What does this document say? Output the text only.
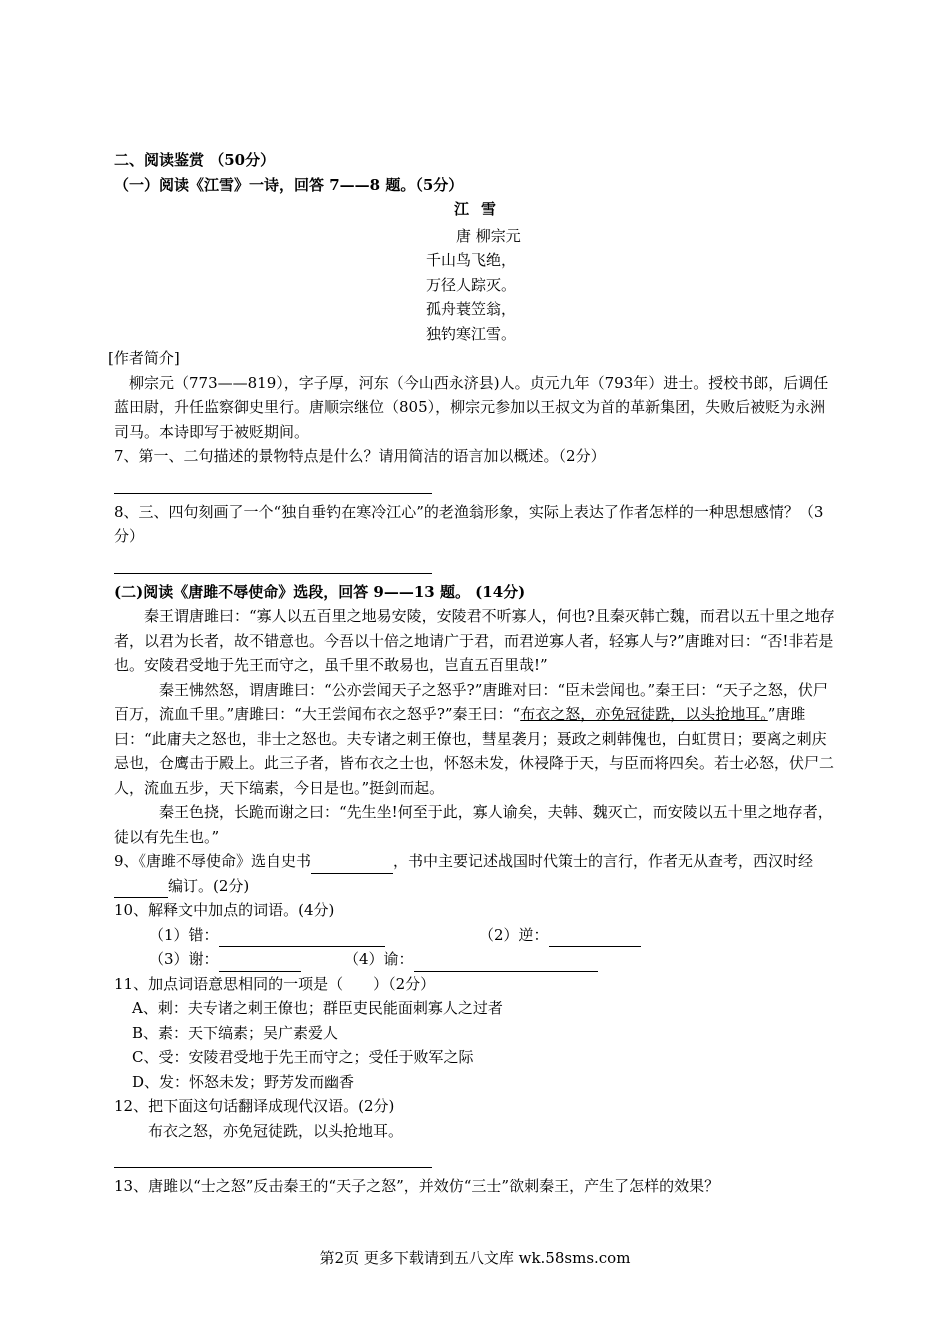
二、阅读鉴赏 （50分）

（一）阅读《江雪》一诗，回答 7——8 题。（5分）

江雪
唐 柳宗元
千山鸟飞绝，
万径人踪灭。
孤舟蓑笠翁，
独钓寒江雪。

[作者简介]

柳宗元（773——819），字子厚，河东（今山西永济县)人。贞元九年（793年）进士。授校书郎，后调任蓝田尉，升任监察御史里行。唐顺宗继位（805），柳宗元参加以王叔文为首的革新集团，失败后被贬为永洲司马。本诗即写于被贬期间。

7、第一、二句描述的景物特点是什么？请用简洁的语言加以概述。（2分）

8、三、四句刻画了一个“独自垂钓在寒冷江心”的老渔翁形象，实际上表达了作者怎样的一种思想感情？（3分）

(二)阅读《唐雎不辱使命》选段，回答 9——13 题。 (14分)

秦王谓唐雎曰：“寡人以五百里之地易安陵，安陵君不听寡人，何也?且秦灭韩亡魏，而君以五十里之地存者，以君为长者，故不错意也。今吾以十倍之地请广于君，而君逆寡人者，轻寡人与?”唐雎对曰：“否!非若是也。安陵君受地于先王而守之，虽千里不敢易也，岂直五百里哉!”

秦王怫然怒，谓唐雎曰：“公亦尝闻天子之怒乎?”唐雎对曰：“臣未尝闻也。”秦王曰：“天子之怒，伏尸百万，流血千里。”唐雎曰：“大王尝闻布衣之怒乎?”秦王曰：“布衣之怒，亦免冠徒跣，以头抢地耳。”唐雎曰：“此庸夫之怒也，非士之怒也。夫专诸之刺王僚也，彗星袭月；聂政之刺韩傀也，白虹贯日；要离之刺庆忌也，仓鹰击于殿上。此三子者，皆布衣之士也，怀怒未发，休祲降于天，与臣而将四矣。若士必怒，伏尸二人，流血五步，天下缟素，今日是也。”挺剑而起。

秦王色挠，长跪而谢之曰：“先生坐!何至于此，寡人谕矣，夫韩、魏灭亡，而安陵以五十里之地存者，徒以有先生也。”

9、《唐雎不辱使命》选自史书	，书中主要记述战国时代策士的言行，作者无从查考，西汉时经编订。(2分)

10、解释文中加点的词语。(4分)

（1）错：	（2）逆：
（3）谢：	（4）谕：

11、加点词语意思相同的一项是（　　）（2分）

A、刺：夫专诸之刺王僚也；群臣吏民能面刺寡人之过者

B、素：天下缟素；吴广素爱人

C、受：安陵君受地于先王而守之；受任于败军之际

D、发：怀怒未发；野芳发而幽香

12、把下面这句话翻译成现代汉语。(2分)

布衣之怒，亦免冠徒跣，以头抢地耳。

13、唐雎以“士之怒”反击秦王的“天子之怒”，并效仿“三士”欲刺秦王，产生了怎样的效果？

第2页 更多下载请到五八文库 wk.58sms.com
